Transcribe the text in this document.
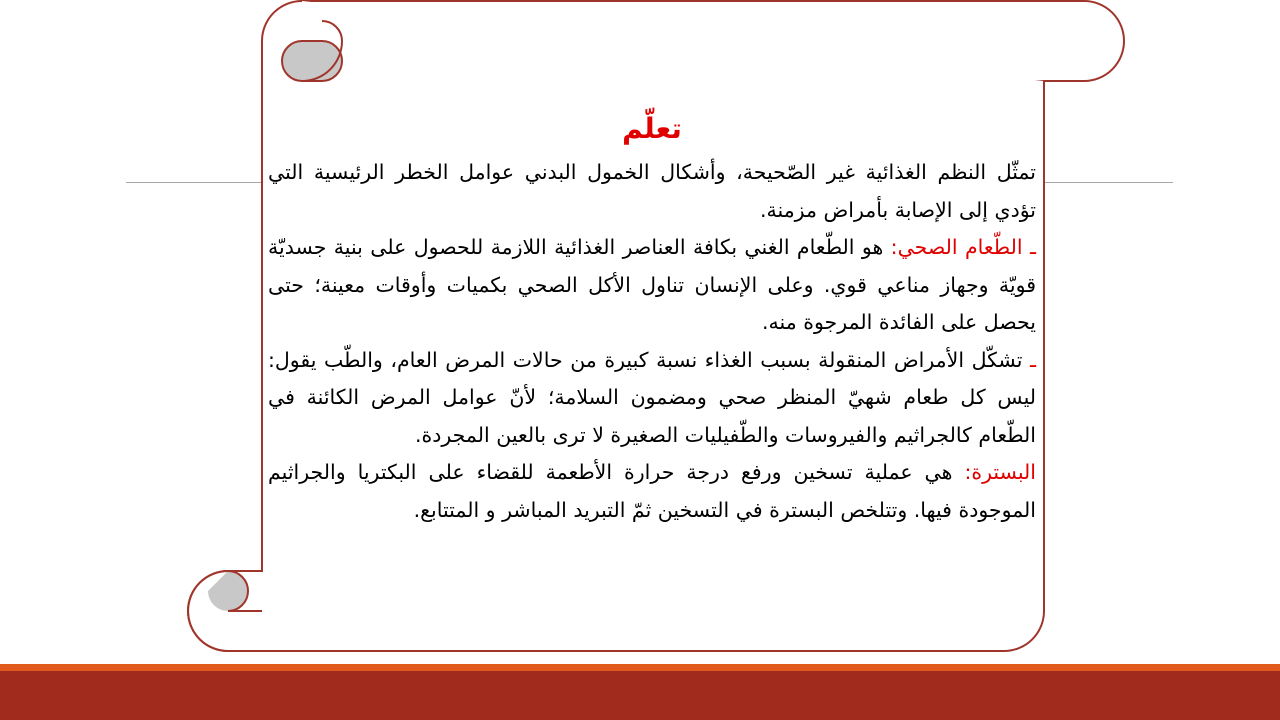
تعلّم

تمثّل النظم الغذائية غير الصّحيحة، وأشكال الخمول البدني عوامل الخطر الرئيسية التي تؤدي إلى الإصابة بأمراض مزمنة.

ـ الطّعام الصحي: هو الطّعام الغني بكافة العناصر الغذائية اللازمة للحصول على بنية جسديّة قويّة وجهاز مناعي قوي. وعلى الإنسان تناول الأكل الصحي بكميات وأوقات معينة؛ حتى يحصل على الفائدة المرجوة منه.

ـ تشكّل الأمراض المنقولة بسبب الغذاء نسبة كبيرة من حالات المرض العام، والطّب يقول: ليس كل طعام شهيّ المنظر صحي ومضمون السلامة؛ لأنّ عوامل المرض الكائنة في الطّعام كالجراثيم والفيروسات والطّفيليات الصغيرة لا ترى بالعين المجردة.

البسترة: هي عملية تسخين ورفع درجة حرارة الأطعمة للقضاء على البكتريا والجراثيم الموجودة فيها. وتتلخص البسترة في التسخين ثمّ التبريد المباشر و المتتابع.
